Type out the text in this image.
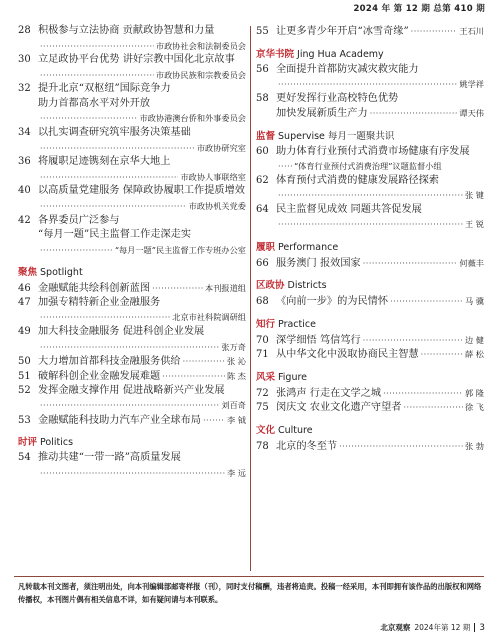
2024 年 第 12 期 总第 410 期
28 积极参与立法协商 贡献政协智慧和力量
·····
市政协社会和法制委员会
30 立足政协平台优势 讲好宗教中国化北京故事
·····
市政协民族和宗教委员会
32 提升北京“双枢纽”国际竞争力
助力首都高水平对外开放
·····
市政协港澳台侨和外事委员会
34 以扎实调查研究筑牢服务决策基础
·····
市政协研究室
36 将履职足迹镌刻在京华大地上
·····
市政协人事联络室
40 以高质量党建服务 保障政协履职工作提质增效
·····
市政协机关党委
42 各界委员广泛参与
“每月一题”民主监督工作走深走实
·····
“每月一题”民主监督工作专班办公室
聚焦 Spotlight
46 金融赋能共绘科创新蓝图 ·····	本刊报道组
47 加强专精特新企业金融服务
·····
北京市社科院调研组
49 加大科技金融服务 促进科创企业发展
·····
张万奇
50 大力增加首都科技金融服务供给 ·····	张 沁
51 破解科创企业金融发展难题 ·····	陈 杰
52 发挥金融支撑作用 促进战略新兴产业发展
·····
刘百奇
53 金融赋能科技助力汽车产业全球布局 ·····	李 钺
时评 Politics
54 推动共建“一带一路”高质量发展
·····
李 远
55 让更多青少年开启“冰雪奇缘” ·····	王石川
京华书院 Jing Hua Academy
56 全面提升首都防灾减灾救灾能力
·····
姚学祥
58 更好发挥行业高校特色优势
加快发展新质生产力 ·····	谭天伟
监督 Supervise 每月一题聚共识
60 助力体育行业预付式消费市场健康有序发展
·····
“体育行业预付式消费治理”议题监督小组
62 体育预付式消费的健康发展路径探索
·····
张 键
64 民主监督见成效 同题共答促发展
·····
王 锐
履职 Performance
66 服务澳门 报效国家 ·····	何薇丰
区政协 Districts
68 《向前一步》的为民情怀 ·····	马 骥
知行 Practice
70 深学细悟 笃信笃行 ·····	边 健
71 从中华文化中汲取协商民主智慧 ·····	薛 松
风采 Figure
72 张鸿声 行走在文学之城 ·····	郭 隆
75 闵庆文 农业文化遗产守望者 ·····	徐 飞
文化 Culture
78 北京的冬至节 ·····	张 勃
凡转载本刊文图者，须注明出处，向本刊编辑部邮寄样报（刊），同时支付稿酬，违者将追责。投稿一经采用，本刊即拥有该作品的出版权和网络传播权，本刊图片偶有相关信息不详，如有疑问请与本刊联系。
北京观察 2024年第 12 期 3
